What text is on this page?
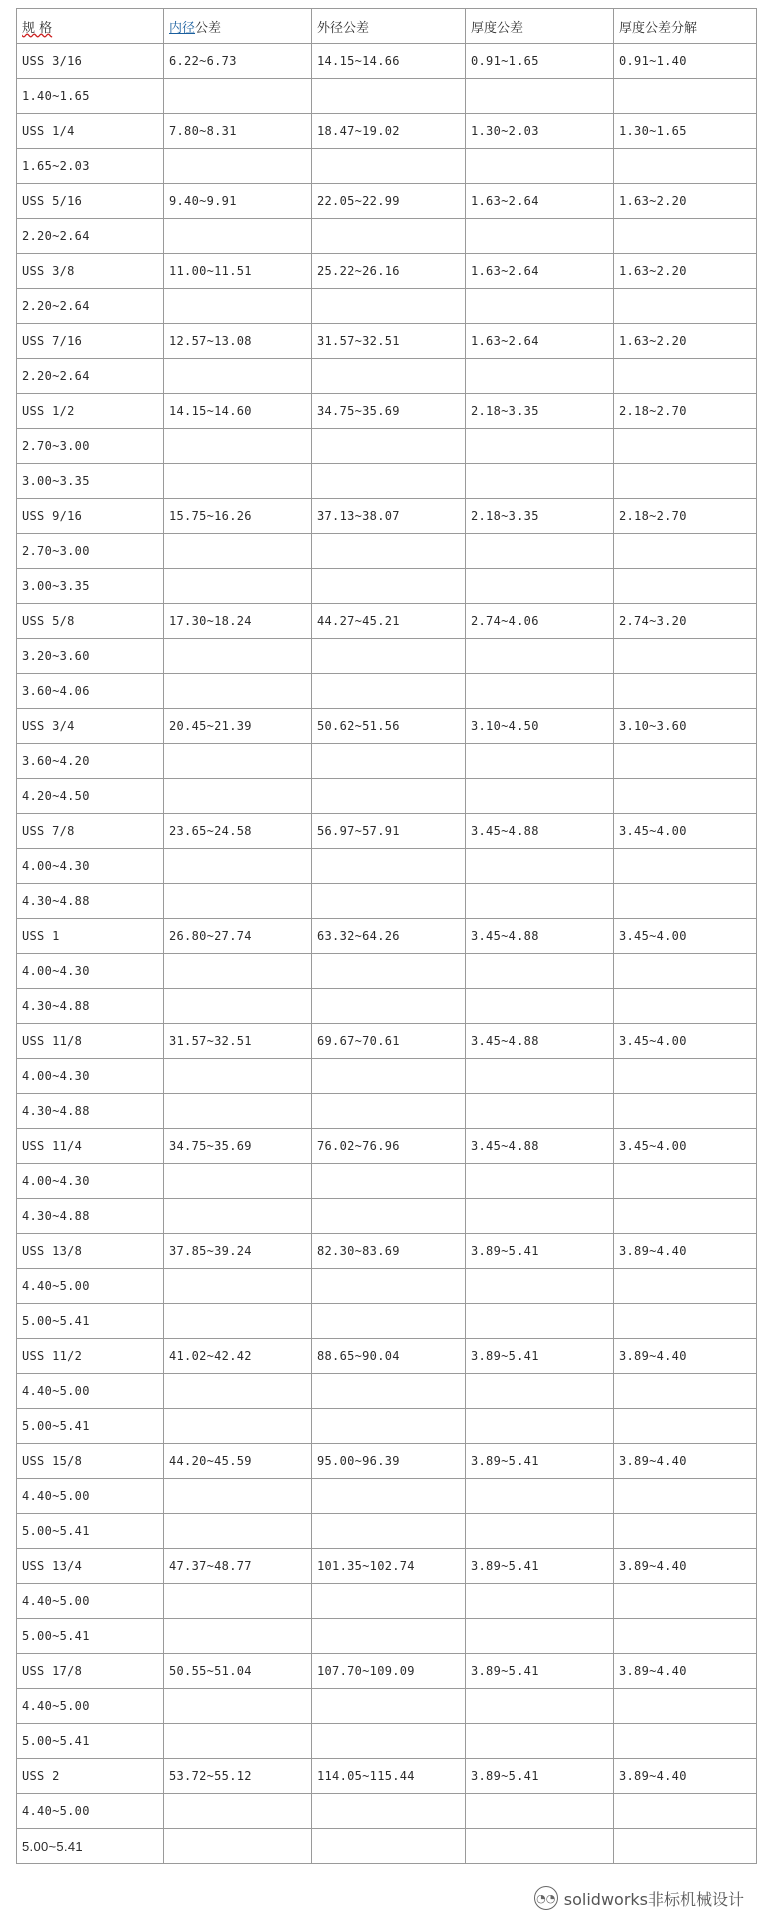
规 格	内径公差	外径公差	厚度公差	厚度公差分解
USS 3/16	6.22~6.73	14.15~14.66	0.91~1.65	0.91~1.40
1.40~1.65				
USS 1/4	7.80~8.31	18.47~19.02	1.30~2.03	1.30~1.65
1.65~2.03				
USS 5/16	9.40~9.91	22.05~22.99	1.63~2.64	1.63~2.20
2.20~2.64				
USS 3/8	11.00~11.51	25.22~26.16	1.63~2.64	1.63~2.20
2.20~2.64				
USS 7/16	12.57~13.08	31.57~32.51	1.63~2.64	1.63~2.20
2.20~2.64				
USS 1/2	14.15~14.60	34.75~35.69	2.18~3.35	2.18~2.70
2.70~3.00				
3.00~3.35				
USS 9/16	15.75~16.26	37.13~38.07	2.18~3.35	2.18~2.70
2.70~3.00				
3.00~3.35				
USS 5/8	17.30~18.24	44.27~45.21	2.74~4.06	2.74~3.20
3.20~3.60				
3.60~4.06				
USS 3/4	20.45~21.39	50.62~51.56	3.10~4.50	3.10~3.60
3.60~4.20				
4.20~4.50				
USS 7/8	23.65~24.58	56.97~57.91	3.45~4.88	3.45~4.00
4.00~4.30				
4.30~4.88				
USS 1	26.80~27.74	63.32~64.26	3.45~4.88	3.45~4.00
4.00~4.30				
4.30~4.88				
USS 11/8	31.57~32.51	69.67~70.61	3.45~4.88	3.45~4.00
4.00~4.30				
4.30~4.88				
USS 11/4	34.75~35.69	76.02~76.96	3.45~4.88	3.45~4.00
4.00~4.30				
4.30~4.88				
USS 13/8	37.85~39.24	82.30~83.69	3.89~5.41	3.89~4.40
4.40~5.00				
5.00~5.41				
USS 11/2	41.02~42.42	88.65~90.04	3.89~5.41	3.89~4.40
4.40~5.00				
5.00~5.41				
USS 15/8	44.20~45.59	95.00~96.39	3.89~5.41	3.89~4.40
4.40~5.00				
5.00~5.41				
USS 13/4	47.37~48.77	101.35~102.74	3.89~5.41	3.89~4.40
4.40~5.00				
5.00~5.41				
USS 17/8	50.55~51.04	107.70~109.09	3.89~5.41	3.89~4.40
4.40~5.00				
5.00~5.41				
USS 2	53.72~55.12	114.05~115.44	3.89~5.41	3.89~4.40
4.40~5.00				
5.00~5.41				
◔◔ solidworks非标机械设计
